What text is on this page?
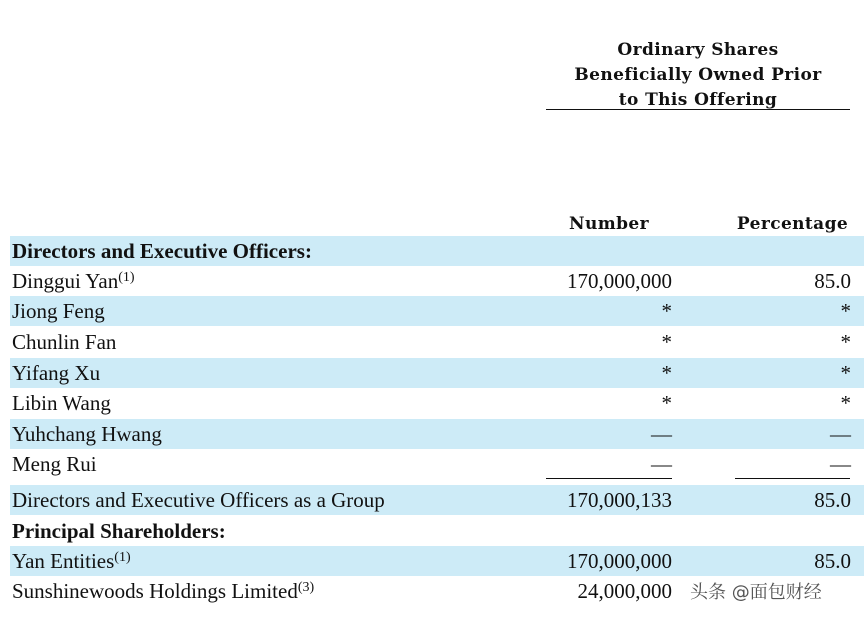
Ordinary Shares
Beneficially Owned Prior
to This Offering
Number	Percentage
Directors and Executive Officers:
Dinggui Yan$^{(1)}$	170,000,000	85.0
Jiong Feng	*	*
Chunlin Fan	*	*
Yifang Xu	*	*
Libin Wang	*	*
Yuhchang Hwang	—	—
Meng Rui	—	—
Directors and Executive Officers as a Group	170,000,133	85.0
Principal Shareholders:
Yan Entities$^{(1)}$	170,000,000	85.0
Sunshinewoods Holdings Limited$^{(3)}$	24,000,000 头条 @面包财经
